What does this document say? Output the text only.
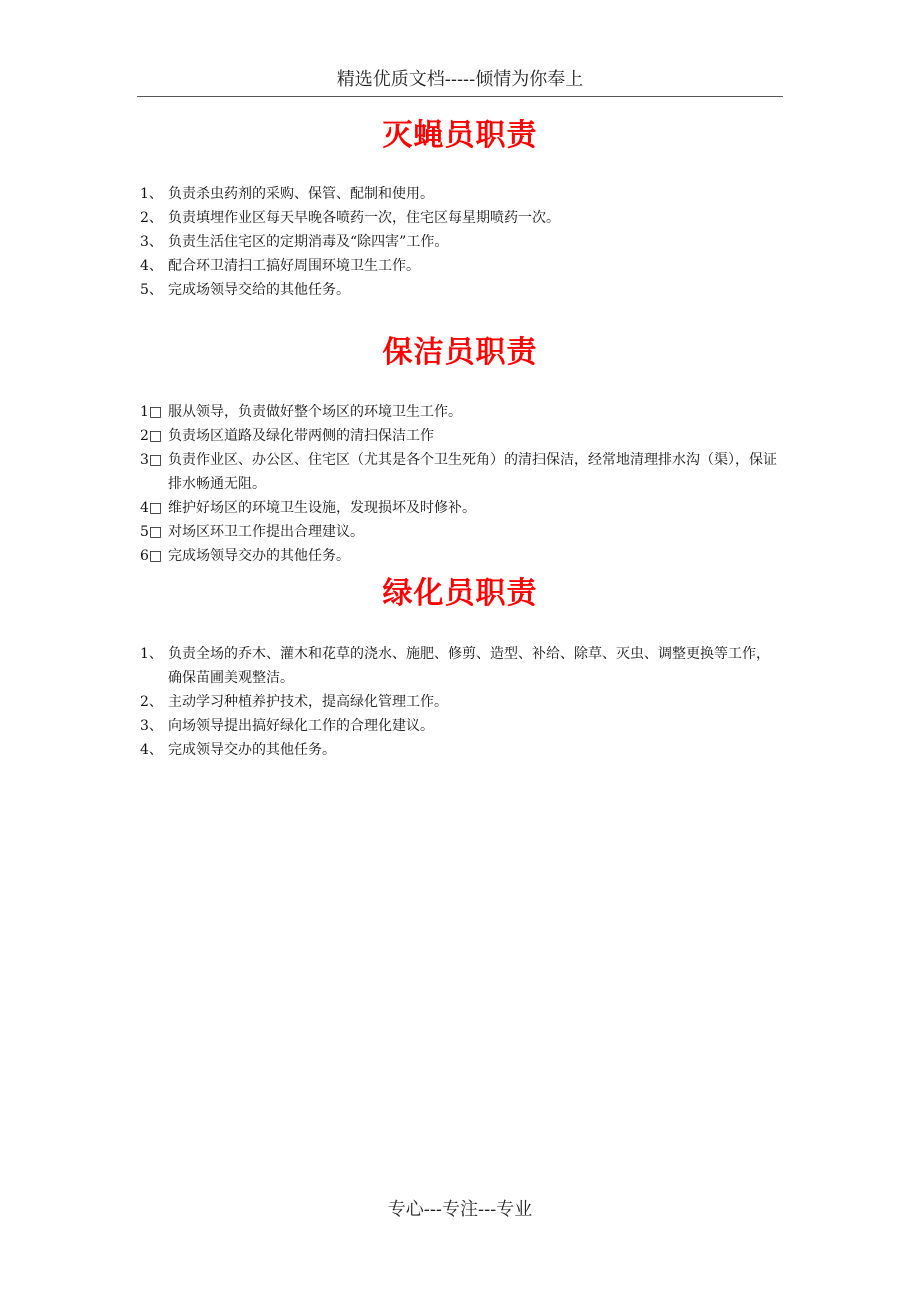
精选优质文档-----倾情为你奉上
灭蝇员职责
1、 负责杀虫药剂的采购、保管、配制和使用。
2、 负责填埋作业区每天早晚各喷药一次，住宅区每星期喷药一次。
3、 负责生活住宅区的定期消毒及“除四害”工作。
4、 配合环卫清扫工搞好周围环境卫生工作。
5、 完成场领导交给的其他任务。
保洁员职责
1□ 服从领导，负责做好整个场区的环境卫生工作。
2□ 负责场区道路及绿化带两侧的清扫保洁工作
3□ 负责作业区、办公区、住宅区（尤其是各个卫生死角）的清扫保洁，经常地清理排水沟（渠），保证排水畅通无阻。
4□ 维护好场区的环境卫生设施，发现损坏及时修补。
5□ 对场区环卫工作提出合理建议。
6□ 完成场领导交办的其他任务。
绿化员职责
1、 负责全场的乔木、灌木和花草的浇水、施肥、修剪、造型、补给、除草、灭虫、调整更换等工作，确保苗圃美观整洁。
2、 主动学习种植养护技术，提高绿化管理工作。
3、 向场领导提出搞好绿化工作的合理化建议。
4、 完成领导交办的其他任务。
专心---专注---专业
